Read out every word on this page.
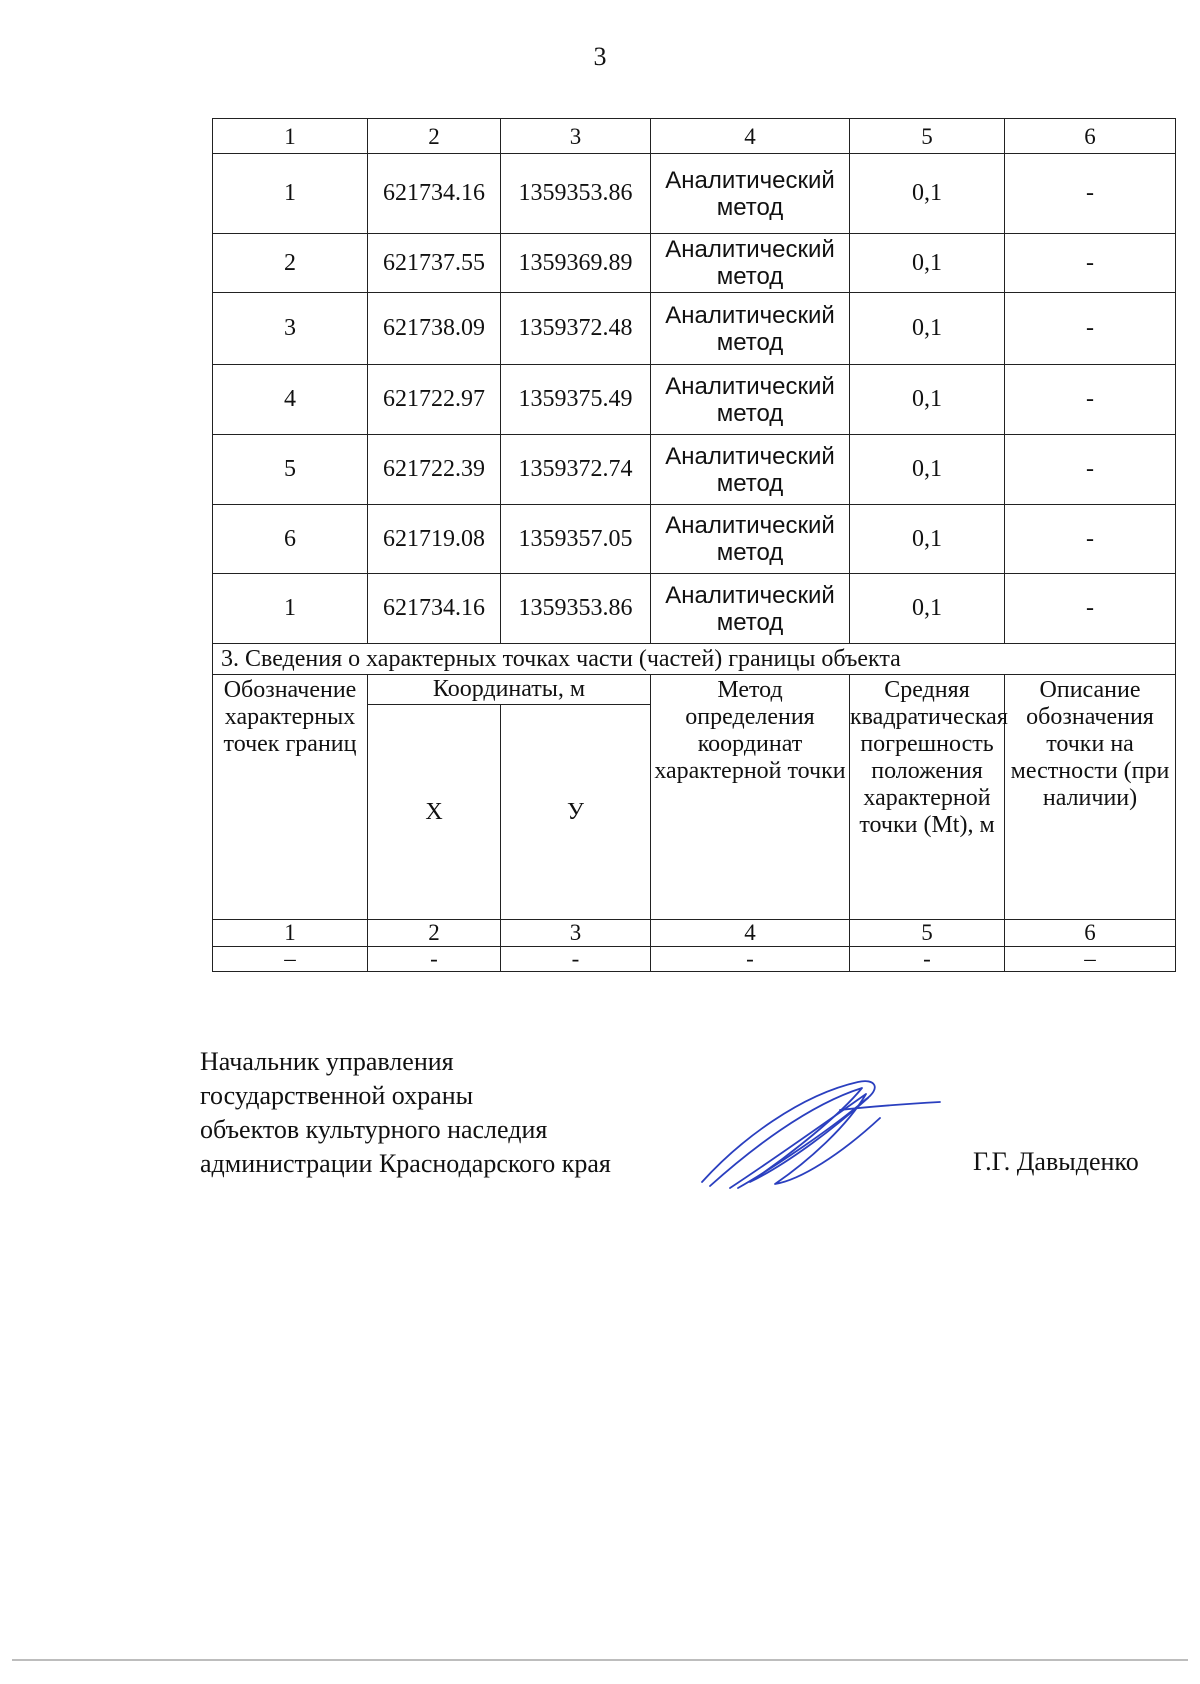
3
1	2	3	4	5	6
1	621734.16	1359353.86	Аналитический метод	0,1	-
2	621737.55	1359369.89	Аналитический метод	0,1	-
3	621738.09	1359372.48	Аналитический метод	0,1	-
4	621722.97	1359375.49	Аналитический метод	0,1	-
5	621722.39	1359372.74	Аналитический метод	0,1	-
6	621719.08	1359357.05	Аналитический метод	0,1	-
1	621734.16	1359353.86	Аналитический метод	0,1	-
3. Сведения о характерных точках части (частей) границы объекта					
Обозначение характерных точек границ	Координаты, м		Метод определения координат характерной точки	Средняя квадратическая погрешность положения характерной точки (Mt), м	Описание обозначения точки на местности (при наличии)
	Х	У			
1	2	3	4	5	6
–	-	-	-	-	–
Начальник управления
государственной охраны
объектов культурного наследия
администрации Краснодарского края	Г.Г. Давыденко
